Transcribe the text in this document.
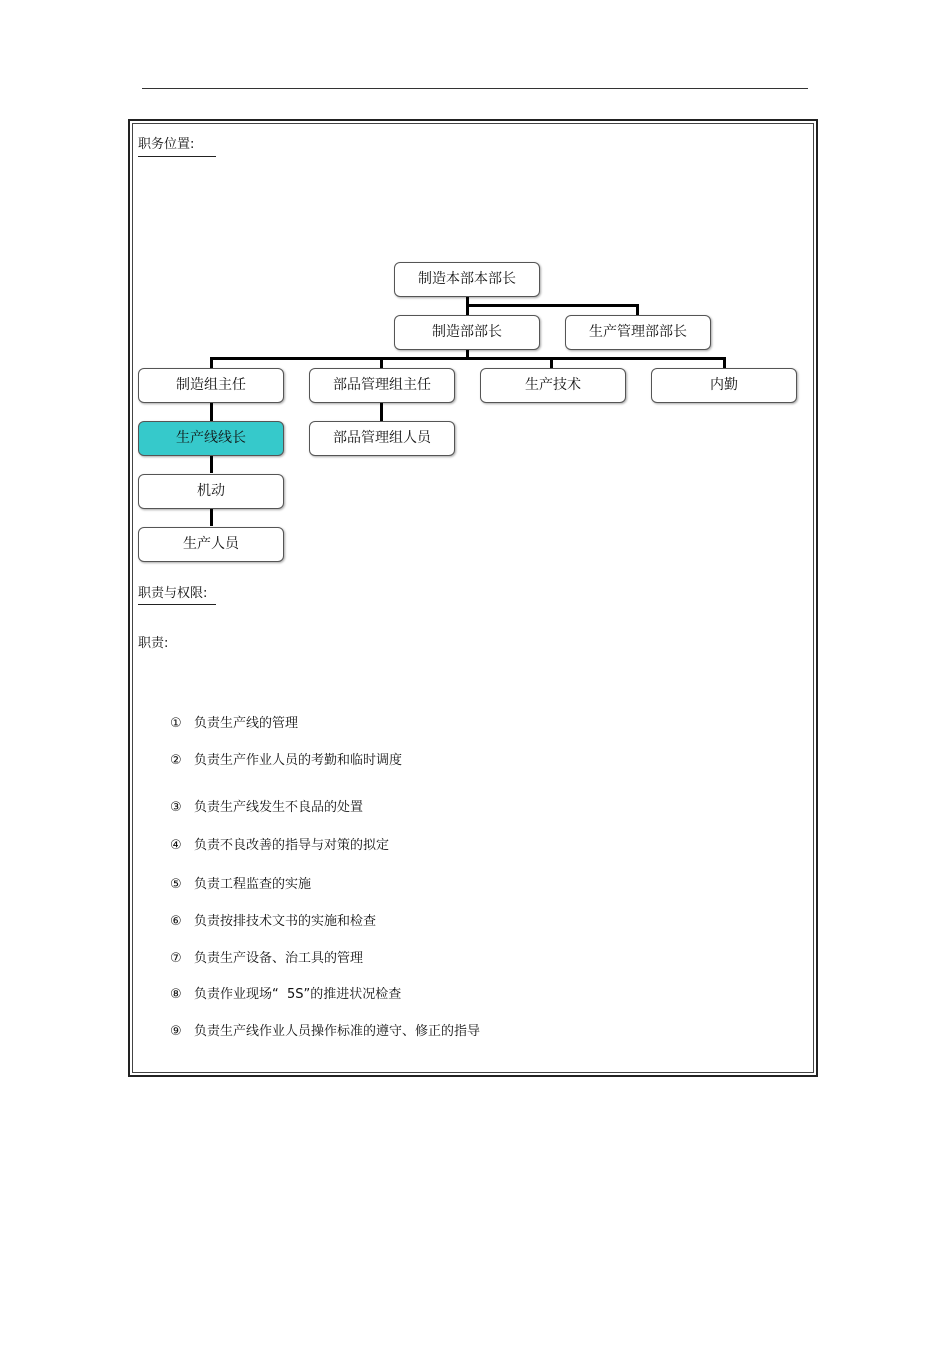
职务位置:
制造本部本部长
制造部部长	生产管理部部长
制造组主任	部品管理组主任	生产技术	内勤
生产线线长	部品管理组人员
机动
生产人员
职责与权限:
职责:
① 负责生产线的管理
② 负责生产作业人员的考勤和临时调度
③ 负责生产线发生不良品的处置
④ 负责不良改善的指导与对策的拟定
⑤ 负责工程监查的实施
⑥ 负责按排技术文书的实施和检查
⑦ 负责生产设备、治工具的管理
⑧ 负责作业现场“  5S”的推进状况检查
⑨ 负责生产线作业人员操作标准的遵守、修正的指导
